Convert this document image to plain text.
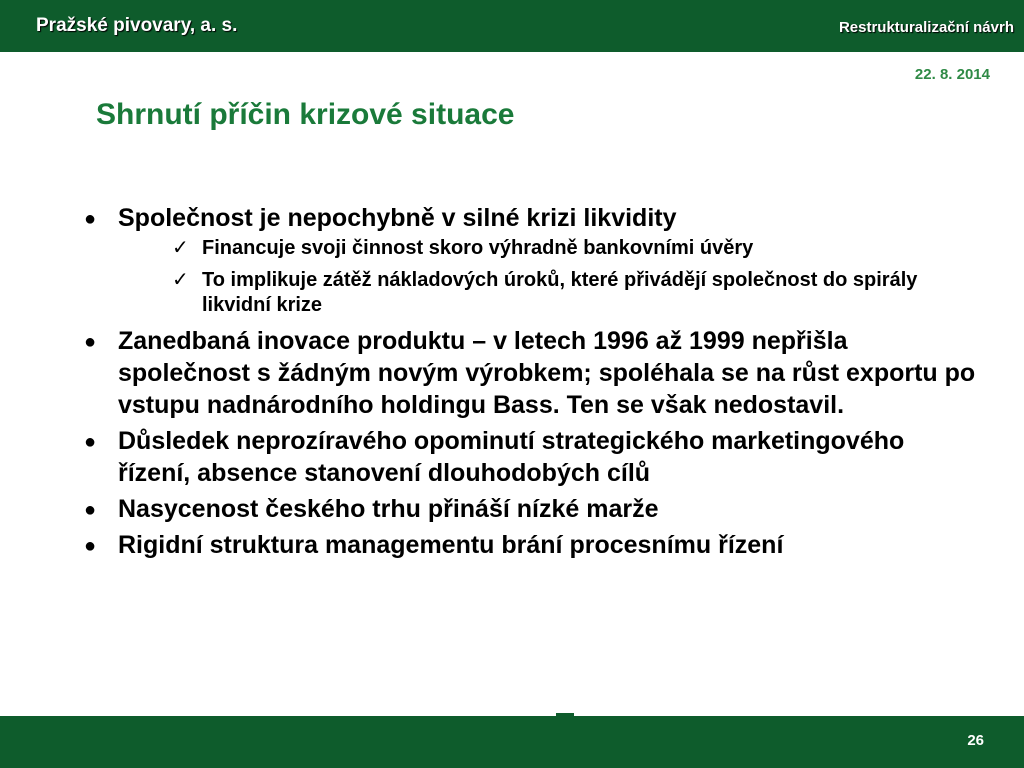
Pražské pivovary, a. s.	Restrukturalizační návrh
22. 8. 2014
Shrnutí příčin krizové situace
● Společnost je nepochybně v silné krizi likvidity
✓ Financuje svoji činnost skoro výhradně bankovními úvěry
✓ To implikuje zátěž nákladových úroků, které přivádějí společnost do spirály likvidní krize
● Zanedbaná inovace produktu – v letech 1996 až 1999 nepřišla společnost s žádným novým výrobkem; spoléhala se na růst exportu po vstupu nadnárodního holdingu Bass. Ten se však nedostavil.
● Důsledek neprozíravého opominutí strategického marketingového řízení, absence stanovení dlouhodobých cílů
● Nasycenost českého trhu přináší nízké marže
● Rigidní struktura managementu brání procesnímu řízení
26
